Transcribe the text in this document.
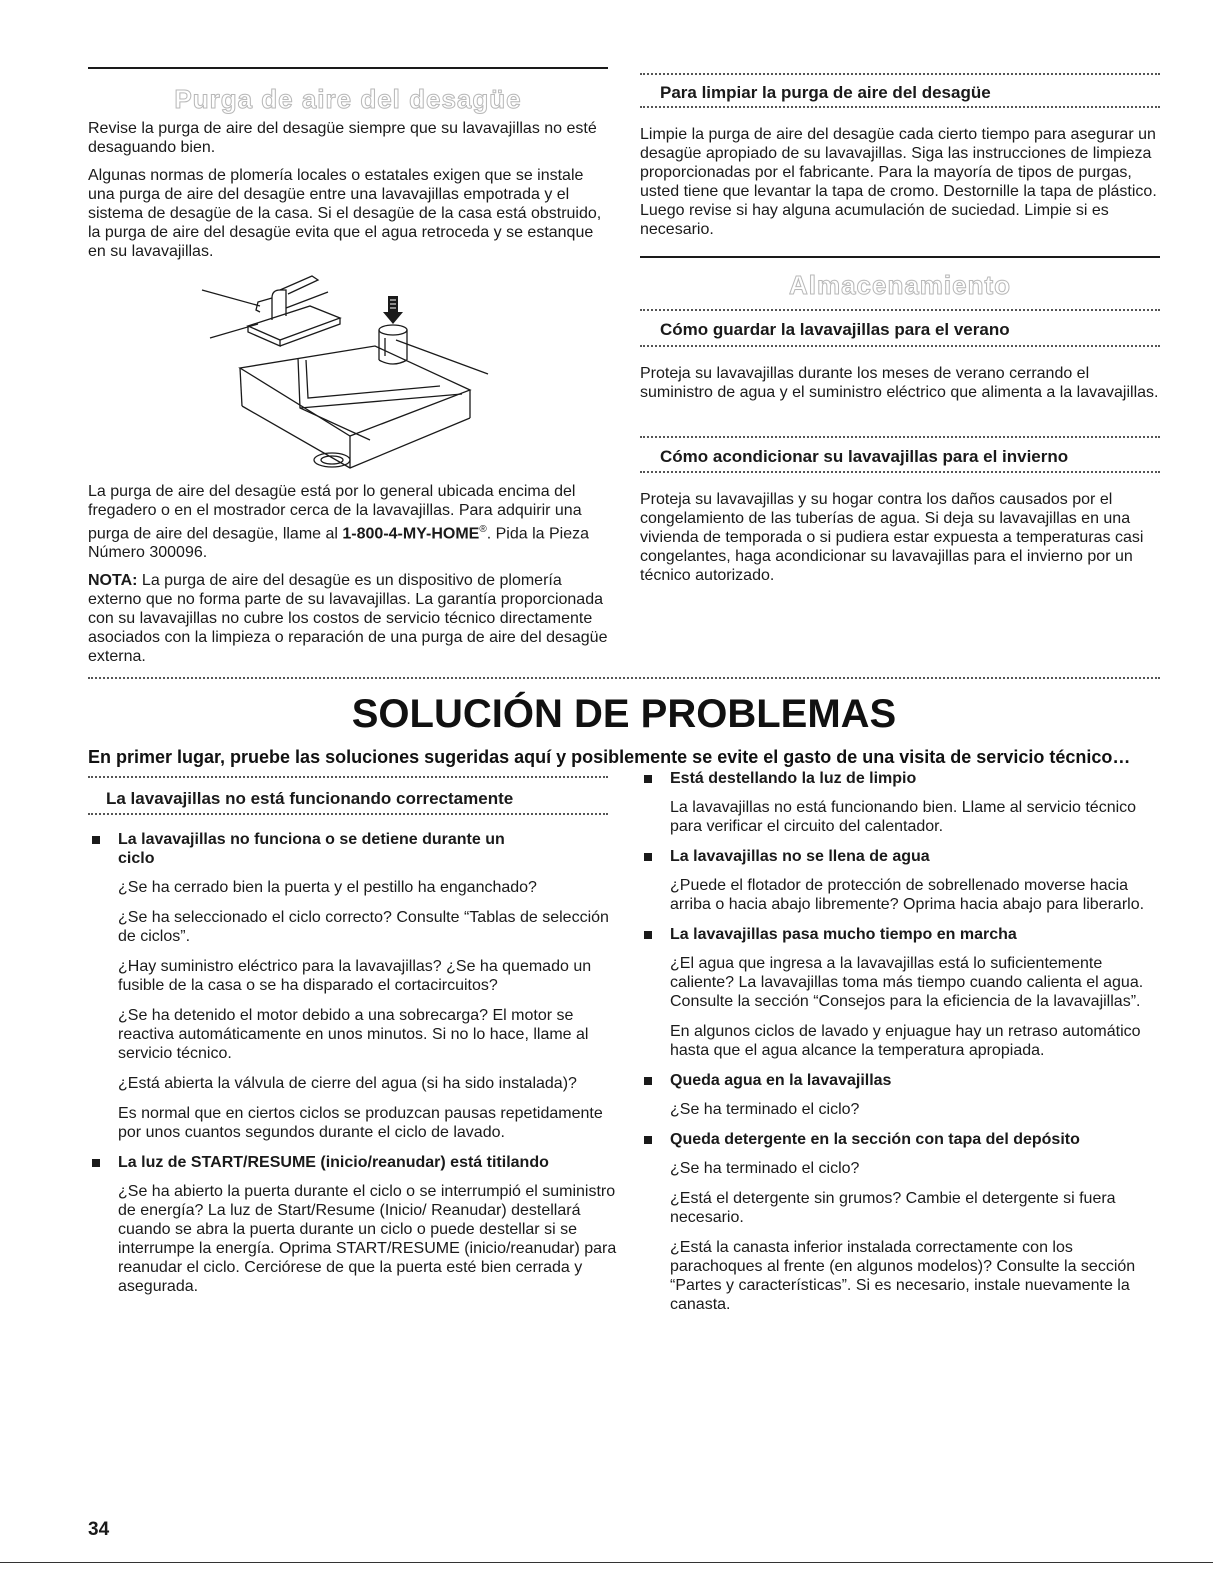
Purga de aire del desagüe

Revise la purga de aire del desagüe siempre que su lavavajillas no esté desaguando bien.

Algunas normas de plomería locales o estatales exigen que se instale una purga de aire del desagüe entre una lavavajillas empotrada y el sistema de desagüe de la casa. Si el desagüe de la casa está obstruido, la purga de aire del desagüe evita que el agua retroceda y se estanque en su lavavajillas.

La purga de aire del desagüe está por lo general ubicada encima del fregadero o en el mostrador cerca de la lavavajillas. Para adquirir una purga de aire del desagüe, llame al 1-800-4-MY-HOME®. Pida la Pieza Número 300096.

NOTA: La purga de aire del desagüe es un dispositivo de plomería externo que no forma parte de su lavavajillas. La garantía proporcionada con su lavavajillas no cubre los costos de servicio técnico directamente asociados con la limpieza o reparación de una purga de aire del desagüe externa.

Para limpiar la purga de aire del desagüe

Limpie la purga de aire del desagüe cada cierto tiempo para asegurar un desagüe apropiado de su lavavajillas. Siga las instrucciones de limpieza proporcionadas por el fabricante. Para la mayoría de tipos de purgas, usted tiene que levantar la tapa de cromo. Destornille la tapa de plástico. Luego revise si hay alguna acumulación de suciedad. Limpie si es necesario.

Almacenamiento
Cómo guardar la lavavajillas para el verano

Proteja su lavavajillas durante los meses de verano cerrando el suministro de agua y el suministro eléctrico que alimenta a la lavavajillas.

Cómo acondicionar su lavavajillas para el invierno

Proteja su lavavajillas y su hogar contra los daños causados por el congelamiento de las tuberías de agua. Si deja su lavavajillas en una vivienda de temporada o si pudiera estar expuesta a temperaturas casi congelantes, haga acondicionar su lavavajillas para el invierno por un técnico autorizado.

SOLUCIÓN DE PROBLEMAS
En primer lugar, pruebe las soluciones sugeridas aquí y posiblemente se evite el gasto de una visita de servicio técnico…
La lavavajillas no está funcionando correctamente
La lavavajillas no funciona o se detiene durante un ciclo

¿Se ha cerrado bien la puerta y el pestillo ha enganchado?

¿Se ha seleccionado el ciclo correcto? Consulte “Tablas de selección de ciclos”.

¿Hay suministro eléctrico para la lavavajillas? ¿Se ha quemado un fusible de la casa o se ha disparado el cortacircuitos?

¿Se ha detenido el motor debido a una sobrecarga? El motor se reactiva automáticamente en unos minutos. Si no lo hace, llame al servicio técnico.

¿Está abierta la válvula de cierre del agua (si ha sido instalada)?

Es normal que en ciertos ciclos se produzcan pausas repetidamente por unos cuantos segundos durante el ciclo de lavado.

La luz de START/RESUME (inicio/reanudar) está titilando

¿Se ha abierto la puerta durante el ciclo o se interrumpió el suministro de energía? La luz de Start/Resume (Inicio/ Reanudar) destellará cuando se abra la puerta durante un ciclo o puede destellar si se interrumpe la energía. Oprima START/RESUME (inicio/reanudar) para reanudar el ciclo. Cerciórese de que la puerta esté bien cerrada y asegurada.

Está destellando la luz de limpio

La lavavajillas no está funcionando bien. Llame al servicio técnico para verificar el circuito del calentador.

La lavavajillas no se llena de agua

¿Puede el flotador de protección de sobrellenado moverse hacia arriba o hacia abajo libremente? Oprima hacia abajo para liberarlo.

La lavavajillas pasa mucho tiempo en marcha

¿El agua que ingresa a la lavavajillas está lo suficientemente caliente? La lavavajillas toma más tiempo cuando calienta el agua. Consulte la sección “Consejos para la eficiencia de la lavavajillas”.

En algunos ciclos de lavado y enjuague hay un retraso automático hasta que el agua alcance la temperatura apropiada.

Queda agua en la lavavajillas

¿Se ha terminado el ciclo?

Queda detergente en la sección con tapa del depósito

¿Se ha terminado el ciclo?

¿Está el detergente sin grumos? Cambie el detergente si fuera necesario.

¿Está la canasta inferior instalada correctamente con los parachoques al frente (en algunos modelos)? Consulte la sección “Partes y características”. Si es necesario, instale nuevamente la canasta.

34
